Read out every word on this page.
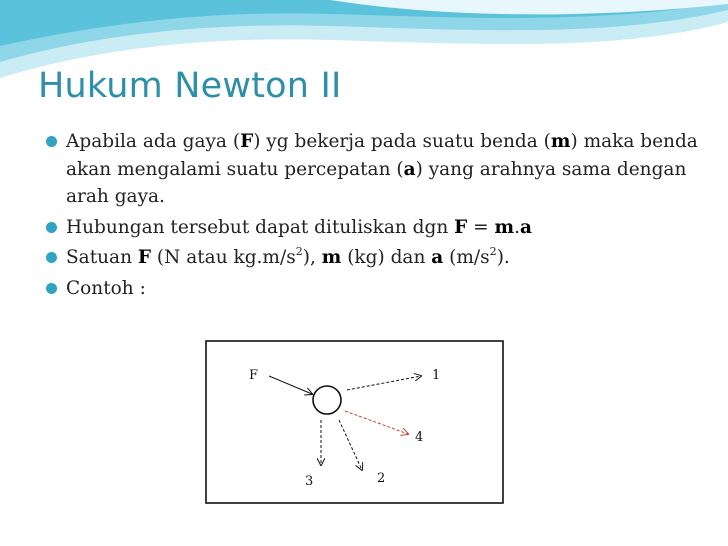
Hukum Newton II
Apabila ada gaya (F) yg bekerja pada suatu benda (m) maka benda akan mengalami suatu percepatan (a) yang arahnya sama dengan arah gaya.
Hubungan tersebut dapat dituliskan dgn F = m.a
Satuan F (N atau $kg.m/s^2$), m (kg) dan a $(m/s^2)$.
Contoh :
F	1
4
2
3
